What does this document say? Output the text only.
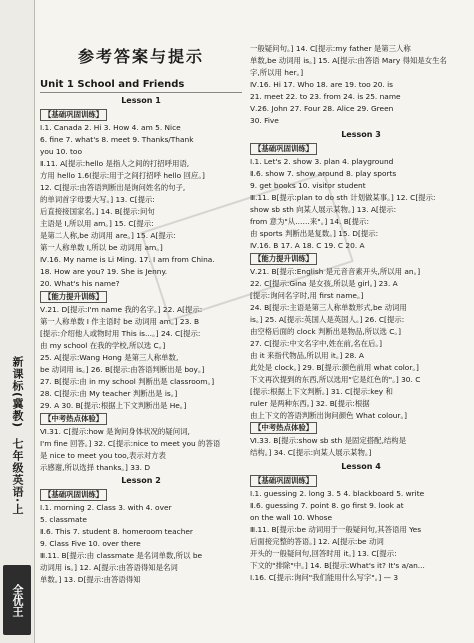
全优王
新课标(冀教)
七年级英语·上
参考答案与提示
Unit 1 School and Friends
Lesson 1
【基础巩固训练】
Ⅰ.1. Canada 2. Hi 3. How 4. am 5. Nice
6. fine 7. what's 8. meet 9. Thanks/Thank
you 10. too
Ⅱ.11. A[提示:hello 是指人之间的打招呼用语,
方用 hello 1.6(提示:用于之间打招呼 hello 回应。]
12. C[提示:由答语判断出是询问姓名的句子,
的单词首字母要大写。] 13. C[提示:
后直接接国家名。] 14. B[提示:问句
主语是 I,所以用 am。] 15. C[提示:
是第二人称,be 动词用 are。] 15. A[提示:
第一人称单数 I,所以 be 动词用 am。]
Ⅳ.16. My name is Li Ming. 17. I am from China.
18. How are you? 19. She is Jenny.
20. What's his name?
【能力提升训练】
Ⅴ.21. D[提示:I'm name 我的名字。] 22. A[提示:
第一人称单数 I 作主语时 be 动词用 am。] 23. B
[提示:介绍他人或物时用 This is...。] 24. C[提示:
由 my school 在我的学校,所以选 C。]
25. A[提示:Wang Hong 是第三人称单数,
be 动词用 is。] 26. B[提示:由答语判断出是 boy。]
27. B[提示:由 in my school 判断出是 classroom。]
28. C[提示:由 My teacher 判断出是 is。]
29. A 30. B[提示:根据上下文判断出是 He。]
【中考热点体验】
Ⅵ.31. C[提示:how 是询问身体状况的疑问词,
I'm fine 回答。] 32. C[提示:nice to meet you 的答语
是 nice to meet you too,表示对方表
示感谢,所以选择 thanks。] 33. D
Lesson 2
【基础巩固训练】
Ⅰ.1. morning 2. Class 3. with 4. over
5. classmate
Ⅱ.6. This 7. student 8. homeroom teacher
9. Class Five 10. over there
Ⅲ.11. B[提示:由 classmate 是名词单数,所以 be
动词用 is。] 12. A[提示:由答语得知是名词
单数。] 13. D[提示:由答语得知
一般疑问句。] 14. C[提示:my father 是第三人称
单数,be 动词用 is。] 15. A[提示:由答语 Mary 得知是女生名
字,所以用 her。]
Ⅳ.16. Hi 17. Who 18. are 19. too 20. is
21. meet 22. to 23. from 24. is 25. name
Ⅴ.26. John 27. Four 28. Alice 29. Green
30. Five
Lesson 3
【基础巩固训练】
Ⅰ.1. Let's 2. show 3. plan 4. playground
Ⅱ.6. show 7. show around 8. play sports
9. get books 10. visitor student
Ⅲ.11. B[提示:plan to do sth 计划做某事。] 12. C[提示:
show sb sth 向某人展示某物。] 13. A[提示:
from 意为"从……来"。] 14. B[提示:
由 sports 判断出是复数。] 15. D[提示:
Ⅳ.16. B 17. A 18. C 19. C 20. A
【能力提升训练】
Ⅴ.21. B[提示:English 是元音音素开头,所以用 an。]
22. C[提示:Gina 是女孩,所以是 girl。] 23. A
[提示:询问名字时,用 first name。]
24. B[提示:主语是第三人称单数形式,be 动词用
is。] 25. A[提示:英国人是英国人。] 26. C[提示:
由空格后面的 clock 判断出是物品,所以选 C。]
27. C[提示:中文名字中,姓在前,名在后。]
由 it 来指代物品,所以用 it。] 28. A
此处是 clock。] 29. B[提示:颜色前用 what color。]
下文再次提到的东西,所以选用"它是红色的"。] 30. C
[提示:根据上下文判断。] 31. C[提示:key 和
ruler 是两种东西。] 32. B[提示:根据
由上下文的答语判断出询问颜色 What colour。]
【中考热点体验】
Ⅵ.33. B[提示:show sb sth 是固定搭配,结构是
结构。] 34. C[提示:向某人展示某物。]
Lesson 4
【基础巩固训练】
Ⅰ.1. guessing 2. long 3. 5 4. blackboard 5. write
Ⅱ.6. guessing 7. point 8. go first 9. look at
on the wall 10. Whose
Ⅲ.11. B[提示:be 动词用于一般疑问句,其答语用 Yes
后面接完整的答语。] 12. A[提示:be 动词
开头的一般疑问句,回答时用 it。] 13. C[提示:
下文的"排除"中。] 14. B[提示:What's it? It's a/an...
Ⅰ.16. C[提示:询问"我们能用什么写字"。] — 3
